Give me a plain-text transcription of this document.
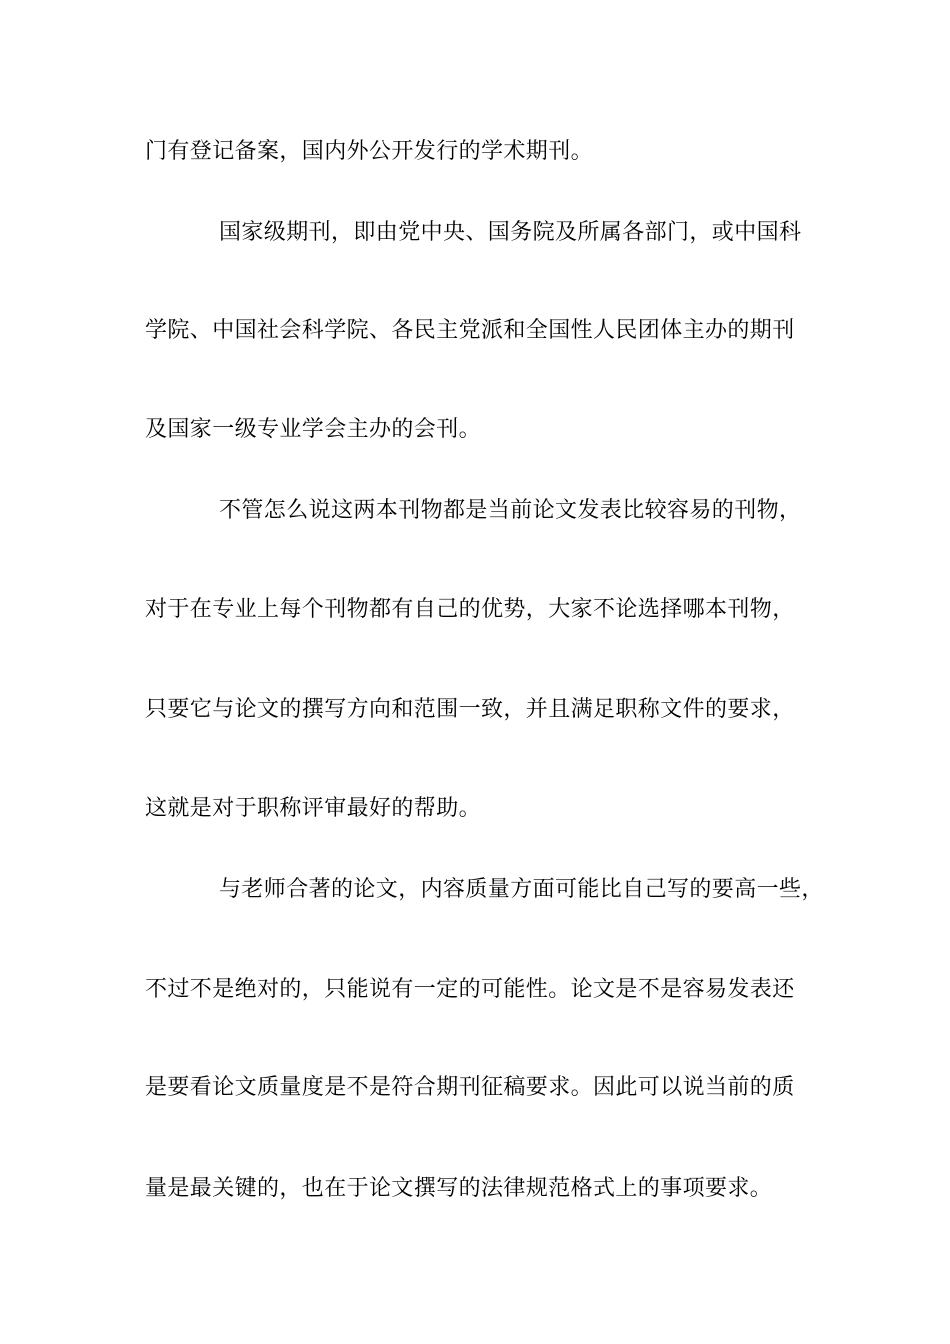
门有登记备案，国内外公开发行的学术期刊。
国家级期刊，即由党中央、国务院及所属各部门，或中国科
学院、中国社会科学院、各民主党派和全国性人民团体主办的期刊
及国家一级专业学会主办的会刊。
不管怎么说这两本刊物都是当前论文发表比较容易的刊物，
对于在专业上每个刊物都有自己的优势，大家不论选择哪本刊物，
只要它与论文的撰写方向和范围一致，并且满足职称文件的要求，
这就是对于职称评审最好的帮助。
与老师合著的论文，内容质量方面可能比自己写的要高一些，
不过不是绝对的，只能说有一定的可能性。论文是不是容易发表还
是要看论文质量度是不是符合期刊征稿要求。因此可以说当前的质
量是最关键的，也在于论文撰写的法律规范格式上的事项要求。
